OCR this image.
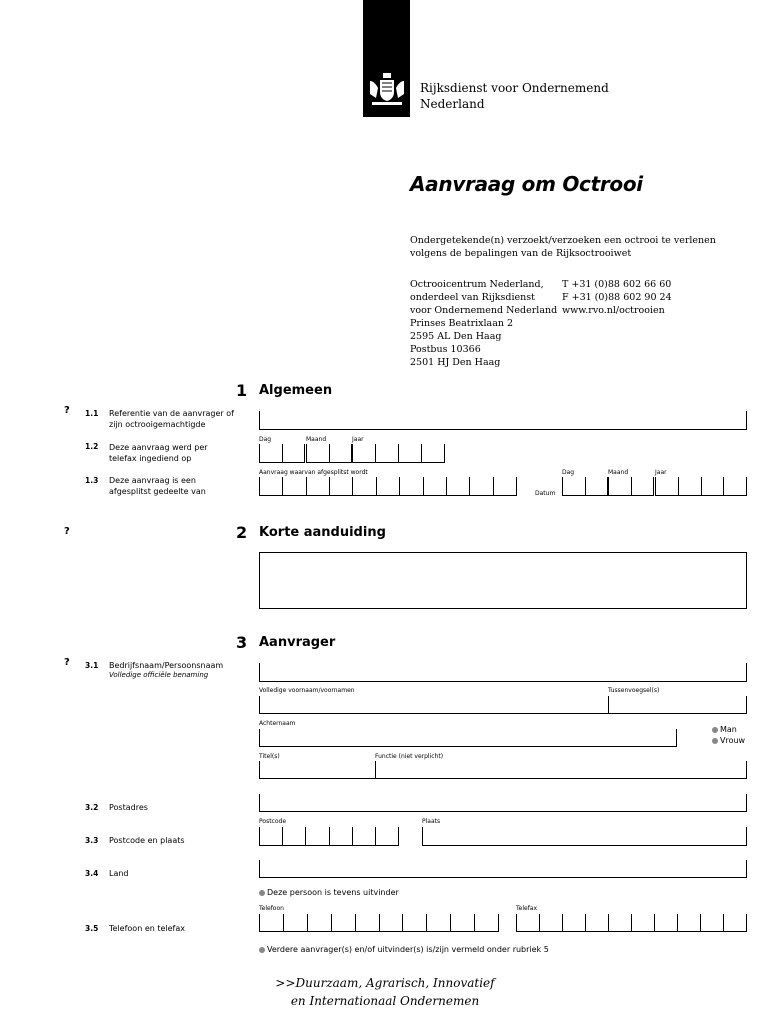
Rijksdienst voor Ondernemend
Nederland
Aanvraag om Octrooi
Ondergetekende(n) verzoekt/verzoeken een octrooi te verlenen
volgens de bepalingen van de Rijksoctrooiwet
Octrooicentrum Nederland,
onderdeel van Rijksdienst
voor Ondernemend Nederland
Prinses Beatrixlaan 2
2595 AL Den Haag
Postbus 10366
2501 HJ Den Haag
T +31 (0)88 602 66 60
F +31 (0)88 602 90 24
www.rvo.nl/octrooien
1 Algemeen
? 1.1 Referentie van de aanvrager of
zijn octrooigemachtigde
1.2 Deze aanvraag werd per
telefax ingediend op
Dag	Maand	Jaar
1.3 Deze aanvraag is een
afgesplitst gedeelte van
Aanvraag waarvan afgesplitst wordt
Datum
Dag	Maand	Jaar
?	2 Korte aanduiding
3 Aanvrager
? 3.1 Bedrijfsnaam/Persoonsnaam
Volledige officiële benaming
Volledige voornaam/voornamen	Tussenvoegsel(s)
Achternaam
Man
Vrouw
Titel(s)	Functie (niet verplicht)
3.2 Postadres
3.3 Postcode en plaats
Postcode	Plaats
3.4 Land
Deze persoon is tevens uitvinder
3.5 Telefoon en telefax
Telefoon	Telefax
Verdere aanvrager(s) en/of uitvinder(s) is/zijn vermeld onder rubriek 5
>>Duurzaam, Agrarisch, Innovatief
en Internationaal Ondernemen
